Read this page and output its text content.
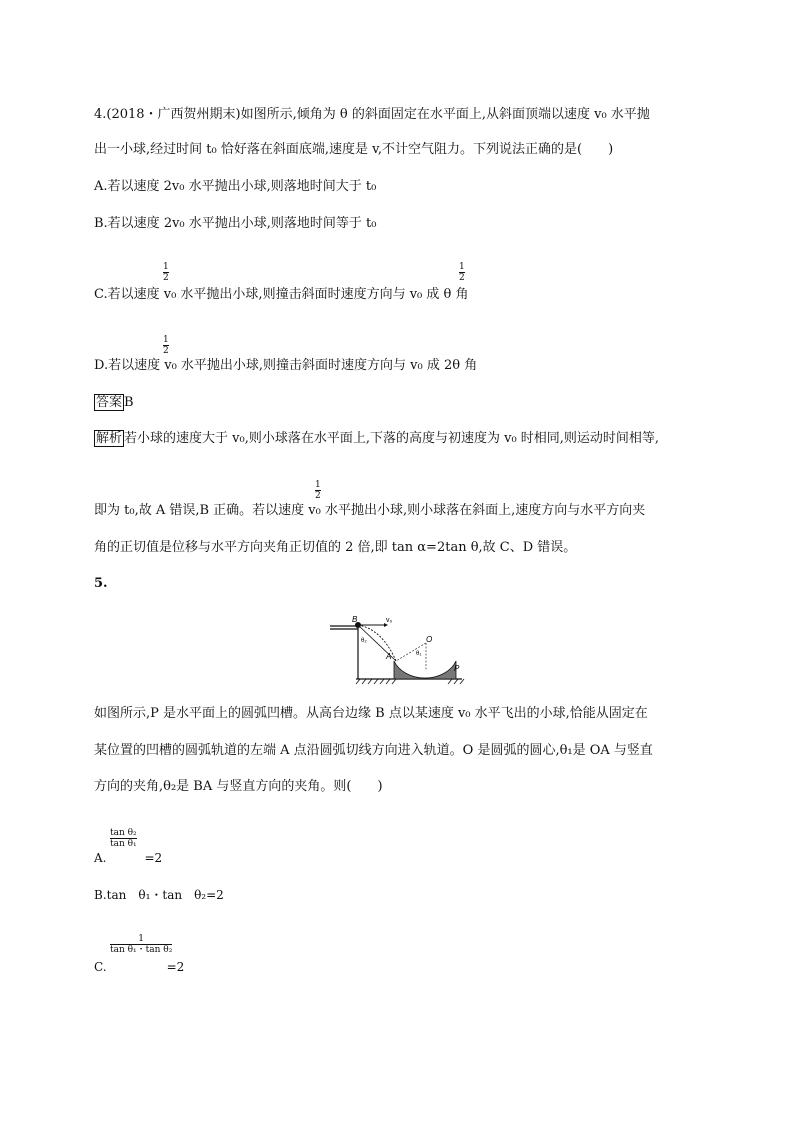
4.(2018・广西贺州期末)如图所示,倾角为 θ 的斜面固定在水平面上,从斜面顶端以速度 v₀ 水平抛
出一小球,经过时间 t₀ 恰好落在斜面底端,速度是 v,不计空气阻力。下列说法正确的是(　　)
A.若以速度 2v₀ 水平抛出小球,则落地时间大于 t₀
B.若以速度 2v₀ 水平抛出小球,则落地时间等于 t₀
$\frac{1}{2}$	$\frac{1}{2}$
C.若以速度 v₀ 水平抛出小球,则撞击斜面时速度方向与 v₀ 成 θ 角
$\frac{1}{2}$
D.若以速度 v₀ 水平抛出小球,则撞击斜面时速度方向与 v₀ 成 2θ 角
答案 B
解析 若小球的速度大于 v₀,则小球落在水平面上,下落的高度与初速度为 v₀ 时相同,则运动时间相等,
$\frac{1}{2}$
即为 t₀,故 A 错误,B 正确。若以速度 v₀ 水平抛出小球,则小球落在斜面上,速度方向与水平方向夹
角的正切值是位移与水平方向夹角正切值的 2 倍,即 tan α=2tan θ,故 C、D 错误。
5.
B	v₀
O
A
P
θ₁
θ₂
如图所示,P 是水平面上的圆弧凹槽。从高台边缘 B 点以某速度 v₀ 水平飞出的小球,恰能从固定在
某位置的凹槽的圆弧轨道的左端 A 点沿圆弧切线方向进入轨道。O 是圆弧的圆心,θ₁是 OA 与竖直
方向的夹角,θ₂是 BA 与竖直方向的夹角。则(　　)
$\frac{\text{tan θ₂}}{\text{tan θ₁}}$
A.	=2
B.tan　θ₁・tan　θ₂=2
$\frac{1}{\text{tan θ₁・tan θ₂}}$
C.	=2
